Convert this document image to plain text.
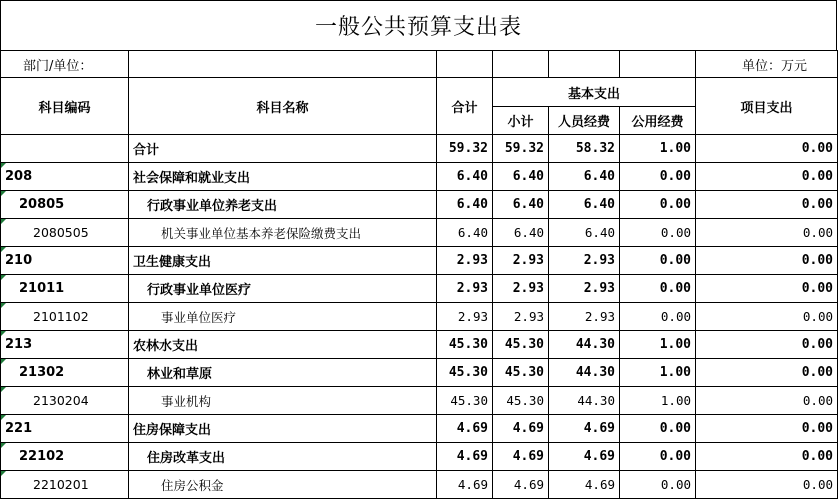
一般公共预算支出表
部门/单位：						单位：万元
科目编码	科目名称	合计	基本支出			项目支出
			小计	人员经费	公用经费	
	合计	59.32	59.32	58.32	1.00	0.00
208	社会保障和就业支出	6.40	6.40	6.40	0.00	0.00
20805	行政事业单位养老支出	6.40	6.40	6.40	0.00	0.00
2080505	机关事业单位基本养老保险缴费支出	6.40	6.40	6.40	0.00	0.00
210	卫生健康支出	2.93	2.93	2.93	0.00	0.00
21011	行政事业单位医疗	2.93	2.93	2.93	0.00	0.00
2101102	事业单位医疗	2.93	2.93	2.93	0.00	0.00
213	农林水支出	45.30	45.30	44.30	1.00	0.00
21302	林业和草原	45.30	45.30	44.30	1.00	0.00
2130204	事业机构	45.30	45.30	44.30	1.00	0.00
221	住房保障支出	4.69	4.69	4.69	0.00	0.00
22102	住房改革支出	4.69	4.69	4.69	0.00	0.00
2210201	住房公积金	4.69	4.69	4.69	0.00	0.00
